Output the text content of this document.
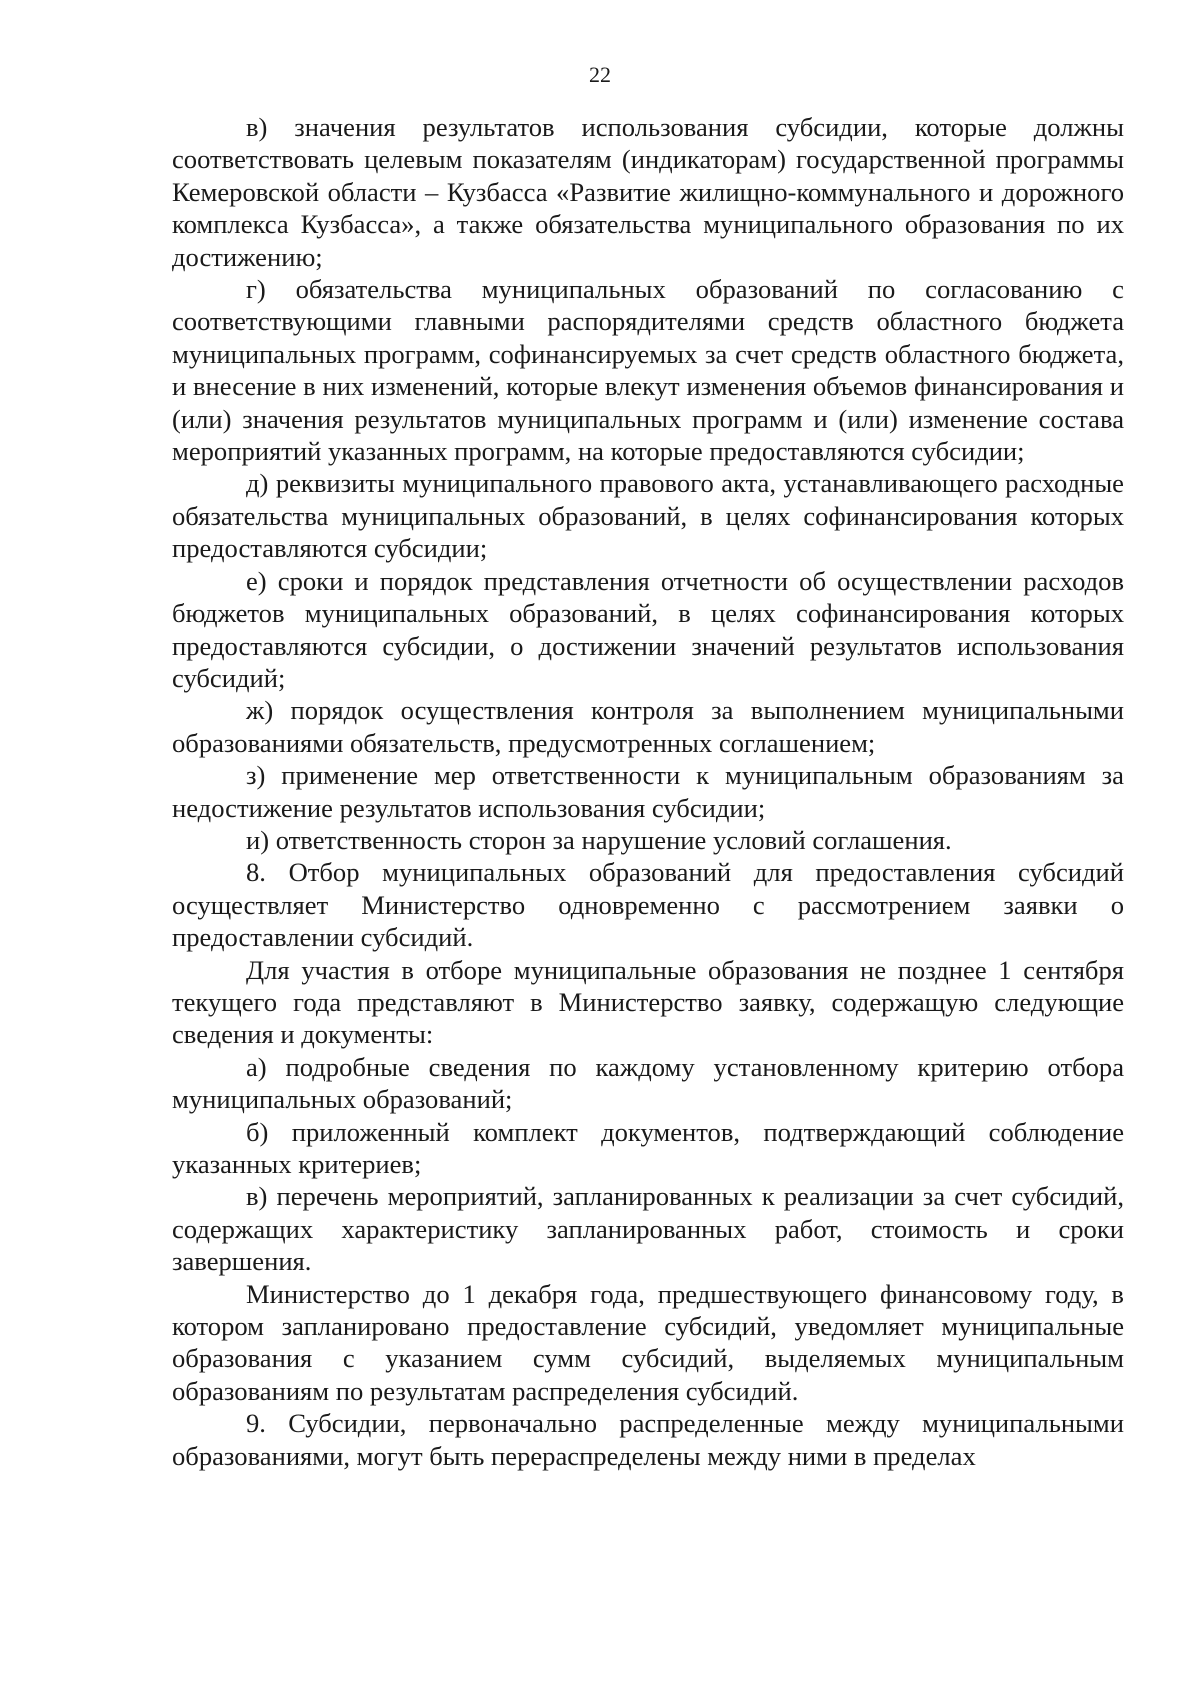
22

в) значения результатов использования субсидии, которые должны соответствовать целевым показателям (индикаторам) государственной программы Кемеровской области – Кузбасса «Развитие жилищно-коммунального и дорожного комплекса Кузбасса», а также обязательства муниципального образования по их достижению;

г) обязательства муниципальных образований по согласованию с соответствующими главными распорядителями средств областного бюджета муниципальных программ, софинансируемых за счет средств областного бюджета, и внесение в них изменений, которые влекут изменения объемов финансирования и (или) значения результатов муниципальных программ и (или) изменение состава мероприятий указанных программ, на которые предоставляются субсидии;

д) реквизиты муниципального правового акта, устанавливающего расходные обязательства муниципальных образований, в целях софинансирования которых предоставляются субсидии;

е) сроки и порядок представления отчетности об осуществлении расходов бюджетов муниципальных образований, в целях софинансирования которых предоставляются субсидии, о достижении значений результатов использования субсидий;

ж) порядок осуществления контроля за выполнением муниципальными образованиями обязательств, предусмотренных соглашением;

з) применение мер ответственности к муниципальным образованиям за недостижение результатов использования субсидии;

и) ответственность сторон за нарушение условий соглашения.

8. Отбор муниципальных образований для предоставления субсидий осуществляет Министерство одновременно с рассмотрением заявки о предоставлении субсидий.

Для участия в отборе муниципальные образования не позднее 1 сентября текущего года представляют в Министерство заявку, содержащую следующие сведения и документы:

а) подробные сведения по каждому установленному критерию отбора муниципальных образований;

б) приложенный комплект документов, подтверждающий соблюдение указанных критериев;

в) перечень мероприятий, запланированных к реализации за счет субсидий, содержащих характеристику запланированных работ, стоимость и сроки завершения.

Министерство до 1 декабря года, предшествующего финансовому году, в котором запланировано предоставление субсидий, уведомляет муниципальные образования с указанием сумм субсидий, выделяемых муниципальным образованиям по результатам распределения субсидий.

9. Субсидии, первоначально распределенные между муниципальными образованиями, могут быть перераспределены между ними в пределах
